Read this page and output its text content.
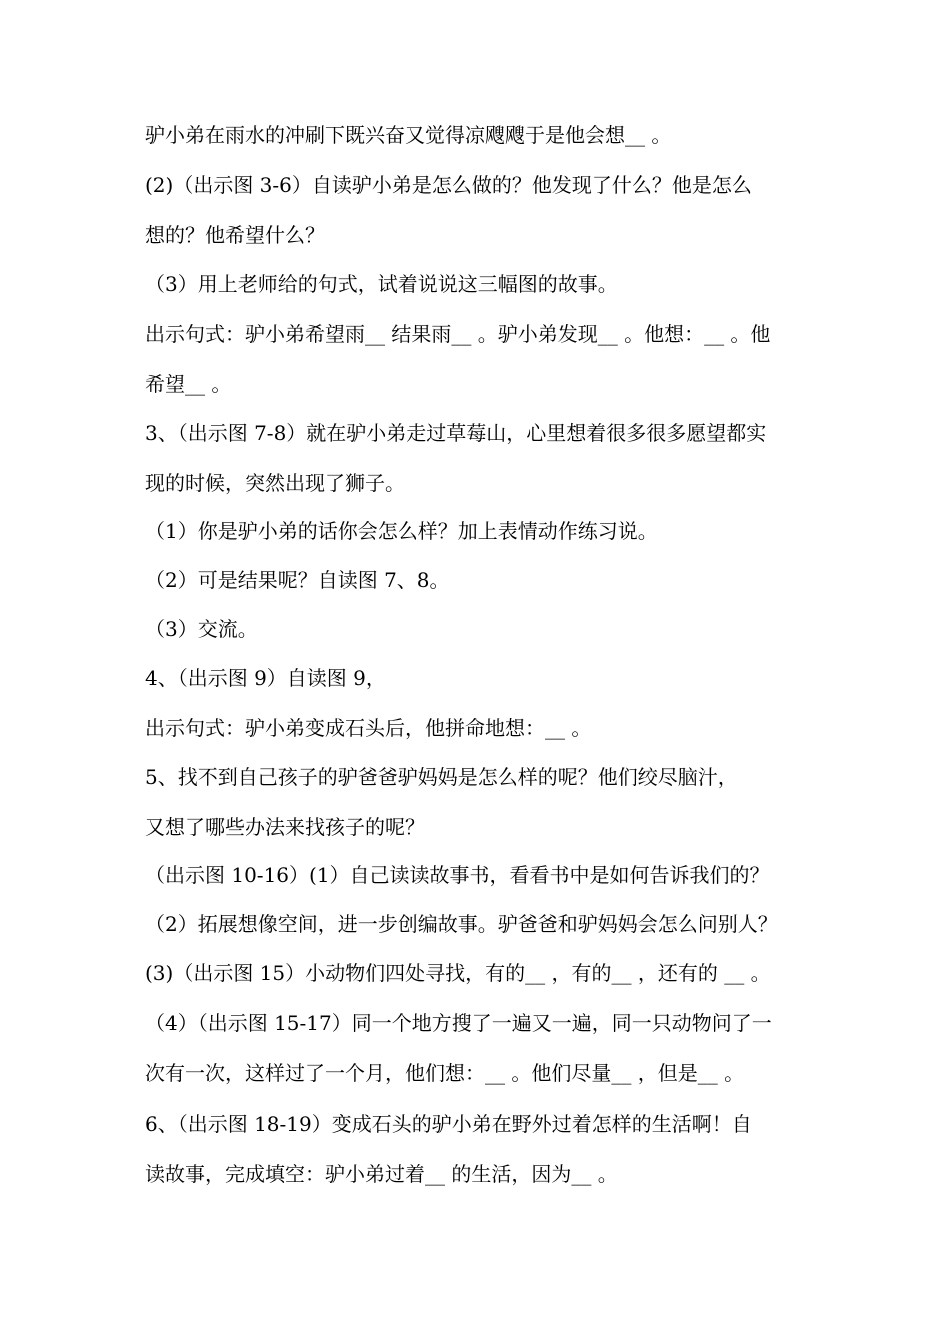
驴小弟在雨水的冲刷下既兴奋又觉得凉飕飕于是他会想__ 。
(2)（出示图 3-6）自读驴小弟是怎么做的？他发现了什么？他是怎么
想的？他希望什么？
（3）用上老师给的句式，试着说说这三幅图的故事。
出示句式：驴小弟希望雨__ 结果雨__ 。驴小弟发现__ 。他想：__ 。他
希望__ 。
3、（出示图 7-8）就在驴小弟走过草莓山，心里想着很多很多愿望都实
现的时候，突然出现了狮子。
（1）你是驴小弟的话你会怎么样？加上表情动作练习说。
（2）可是结果呢？自读图 7、8。
（3）交流。
4、（出示图 9）自读图 9，
出示句式：驴小弟变成石头后，他拼命地想：__ 。
5、找不到自己孩子的驴爸爸驴妈妈是怎么样的呢？他们绞尽脑汁，
又想了哪些办法来找孩子的呢？
（出示图 10-16）(1）自己读读故事书，看看书中是如何告诉我们的？
（2）拓展想像空间，进一步创编故事。驴爸爸和驴妈妈会怎么问别人？
(3)（出示图 15）小动物们四处寻找，有的__ ，有的__ ，还有的 __ 。
（4）（出示图 15-17）同一个地方搜了一遍又一遍，同一只动物问了一
次有一次，这样过了一个月，他们想：__ 。他们尽量__ ，但是__ 。
6、（出示图 18-19）变成石头的驴小弟在野外过着怎样的生活啊！自
读故事，完成填空：驴小弟过着__ 的生活，因为__ 。
